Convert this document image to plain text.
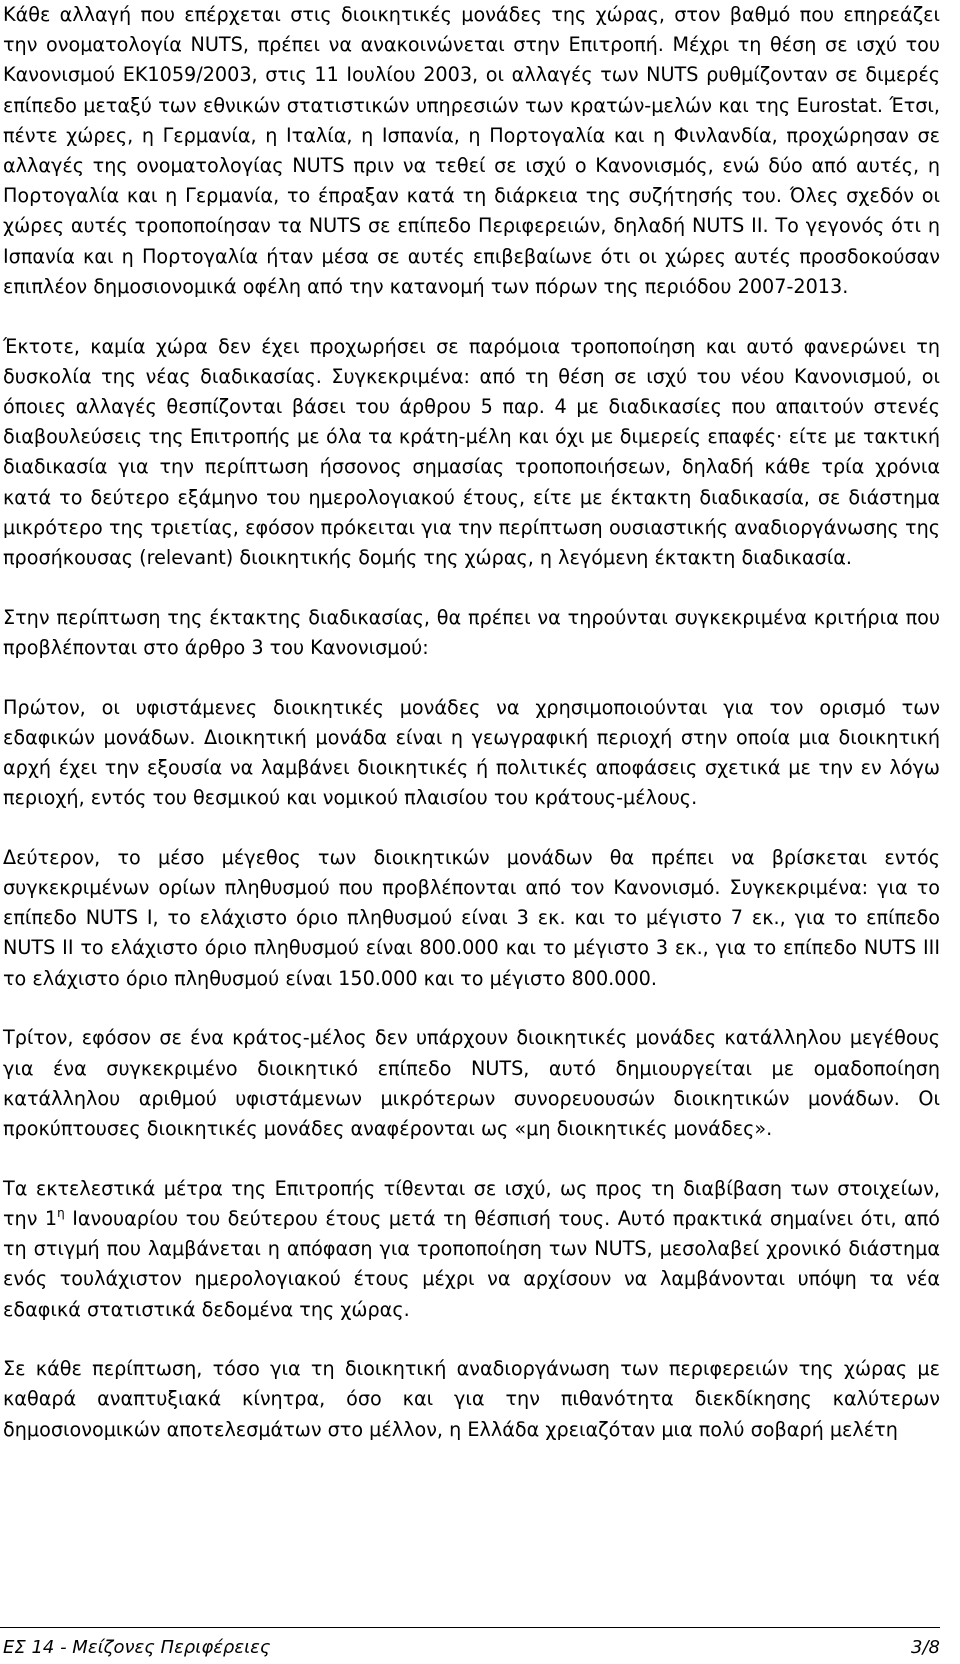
Κάθε αλλαγή που επέρχεται στις διοικητικές μονάδες της χώρας, στον βαθμό που επηρεάζει την ονοματολογία NUTS, πρέπει να ανακοινώνεται στην Επιτροπή. Μέχρι τη θέση σε ισχύ του Κανονισμού ΕΚ1059/2003, στις 11 Ιουλίου 2003, οι αλλαγές των NUTS ρυθμίζονταν σε διμερές επίπεδο μεταξύ των εθνικών στατιστικών υπηρεσιών των κρατών-μελών και της Eurostat. Έτσι, πέντε χώρες, η Γερμανία, η Ιταλία, η Ισπανία, η Πορτογαλία και η Φινλανδία, προχώρησαν σε αλλαγές της ονοματολογίας NUTS πριν να τεθεί σε ισχύ ο Κανονισμός, ενώ δύο από αυτές, η Πορτογαλία και η Γερμανία, το έπραξαν κατά τη διάρκεια της συζήτησής του. Όλες σχεδόν οι χώρες αυτές τροποποίησαν τα NUTS σε επίπεδο Περιφερειών, δηλαδή NUTS II. Το γεγονός ότι η Ισπανία και η Πορτογαλία ήταν μέσα σε αυτές επιβεβαίωνε ότι οι χώρες αυτές προσδοκούσαν επιπλέον δημοσιονομικά οφέλη από την κατανομή των πόρων της περιόδου 2007-2013.

Έκτοτε, καμία χώρα δεν έχει προχωρήσει σε παρόμοια τροποποίηση και αυτό φανερώνει τη δυσκολία της νέας διαδικασίας. Συγκεκριμένα: από τη θέση σε ισχύ του νέου Κανονισμού, οι όποιες αλλαγές θεσπίζονται βάσει του άρθρου 5 παρ. 4 με διαδικασίες που απαιτούν στενές διαβουλεύσεις της Επιτροπής με όλα τα κράτη-μέλη και όχι με διμερείς επαφές· είτε με τακτική διαδικασία για την περίπτωση ήσσονος σημασίας τροποποιήσεων, δηλαδή κάθε τρία χρόνια κατά το δεύτερο εξάμηνο του ημερολογιακού έτους, είτε με έκτακτη διαδικασία, σε διάστημα μικρότερο της τριετίας, εφόσον πρόκειται για την περίπτωση ουσιαστικής αναδιοργάνωσης της προσήκουσας (relevant) διοικητικής δομής της χώρας, η λεγόμενη έκτακτη διαδικασία.

Στην περίπτωση της έκτακτης διαδικασίας, θα πρέπει να τηρούνται συγκεκριμένα κριτήρια που προβλέπονται στο άρθρο 3 του Κανονισμού:

Πρώτον, οι υφιστάμενες διοικητικές μονάδες να χρησιμοποιούνται για τον ορισμό των εδαφικών μονάδων. Διοικητική μονάδα είναι η γεωγραφική περιοχή στην οποία μια διοικητική αρχή έχει την εξουσία να λαμβάνει διοικητικές ή πολιτικές αποφάσεις σχετικά με την εν λόγω περιοχή, εντός του θεσμικού και νομικού πλαισίου του κράτους-μέλους.

Δεύτερον, το μέσο μέγεθος των διοικητικών μονάδων θα πρέπει να βρίσκεται εντός συγκεκριμένων ορίων πληθυσμού που προβλέπονται από τον Κανονισμό. Συγκεκριμένα: για το επίπεδο NUTS I, το ελάχιστο όριο πληθυσμού είναι 3 εκ. και το μέγιστο 7 εκ., για το επίπεδο NUTS II το ελάχιστο όριο πληθυσμού είναι 800.000 και το μέγιστο 3 εκ., για το επίπεδο NUTS III το ελάχιστο όριο πληθυσμού είναι 150.000 και το μέγιστο 800.000.

Τρίτον, εφόσον σε ένα κράτος-μέλος δεν υπάρχουν διοικητικές μονάδες κατάλληλου μεγέθους για ένα συγκεκριμένο διοικητικό επίπεδο NUTS, αυτό δημιουργείται με ομαδοποίηση κατάλληλου αριθμού υφιστάμενων μικρότερων συνορευουσών διοικητικών μονάδων. Οι προκύπτουσες διοικητικές μονάδες αναφέρονται ως «μη διοικητικές μονάδες».

Τα εκτελεστικά μέτρα της Επιτροπής τίθενται σε ισχύ, ως προς τη διαβίβαση των στοιχείων, την $1^\eta$ Ιανουαρίου του δεύτερου έτους μετά τη θέσπισή τους. Αυτό πρακτικά σημαίνει ότι, από τη στιγμή που λαμβάνεται η απόφαση για τροποποίηση των NUTS, μεσολαβεί χρονικό διάστημα ενός τουλάχιστον ημερολογιακού έτους μέχρι να αρχίσουν να λαμβάνονται υπόψη τα νέα εδαφικά στατιστικά δεδομένα της χώρας.

Σε κάθε περίπτωση, τόσο για τη διοικητική αναδιοργάνωση των περιφερειών της χώρας με καθαρά αναπτυξιακά κίνητρα, όσο και για την πιθανότητα διεκδίκησης καλύτερων δημοσιονομικών αποτελεσμάτων στο μέλλον, η Ελλάδα χρειαζόταν μια πολύ σοβαρή μελέτη

ΕΣ 14 - Μείζονες Περιφέρειες	3/8
